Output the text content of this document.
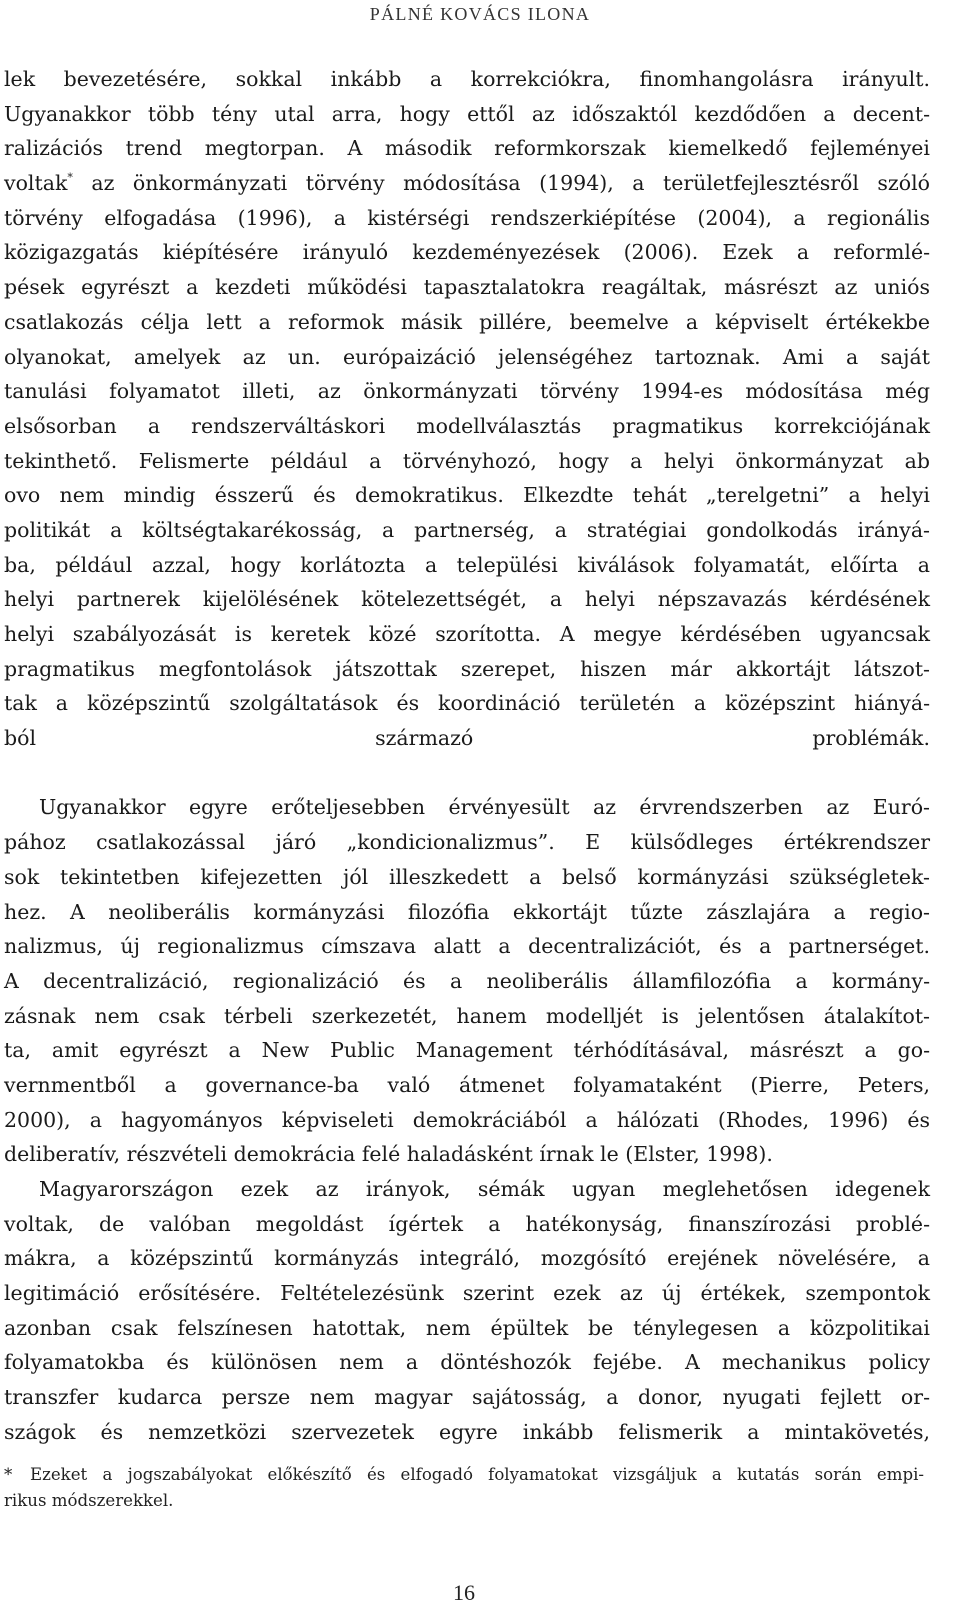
PÁLNÉ KOVÁCS ILONA
lek bevezetésére, sokkal inkább a korrekciókra, finomhangolásra irányult.
Ugyanakkor több tény utal arra, hogy ettől az időszaktól kezdődően a decent-
ralizációs trend megtorpan. A második reformkorszak kiemelkedő fejleményei
voltak* az önkormányzati törvény módosítása (1994), a területfejlesztésről szóló
törvény elfogadása (1996), a kistérségi rendszerkiépítése (2004), a regionális
közigazgatás kiépítésére irányuló kezdeményezések (2006). Ezek a reformlé-
pések egyrészt a kezdeti működési tapasztalatokra reagáltak, másrészt az uniós
csatlakozás célja lett a reformok másik pillére, beemelve a képviselt értékekbe
olyanokat, amelyek az un. európaizáció jelenségéhez tartoznak. Ami a saját
tanulási folyamatot illeti, az önkormányzati törvény 1994-es módosítása még
elsősorban a rendszerváltáskori modellválasztás pragmatikus korrekciójának
tekinthető. Felismerte például a törvényhozó, hogy a helyi önkormányzat ab
ovo nem mindig ésszerű és demokratikus. Elkezdte tehát „terelgetni” a helyi
politikát a költségtakarékosság, a partnerség, a stratégiai gondolkodás irányá-
ba, például azzal, hogy korlátozta a települési kiválások folyamatát, előírta a
helyi partnerek kijelölésének kötelezettségét, a helyi népszavazás kérdésének
helyi szabályozását is keretek közé szorította. A megye kérdésében ugyancsak
pragmatikus megfontolások játszottak szerepet, hiszen már akkortájt látszot-
tak a középszintű szolgáltatások és koordináció területén a középszint hiányá-
ból származó problémák.
Ugyanakkor egyre erőteljesebben érvényesült az érvrendszerben az Euró-
pához csatlakozással járó „kondicionalizmus”. E külsődleges értékrendszer
sok tekintetben kifejezetten jól illeszkedett a belső kormányzási szükségletek-
hez. A neoliberális kormányzási filozófia ekkortájt tűzte zászlajára a regio-
nalizmus, új regionalizmus címszava alatt a decentralizációt, és a partnerséget.
A decentralizáció, regionalizáció és a neoliberális államfilozófia a kormány-
zásnak nem csak térbeli szerkezetét, hanem modelljét is jelentősen átalakítot-
ta, amit egyrészt a New Public Management térhódításával, másrészt a go-
vernmentből a governance-ba való átmenet folyamataként (Pierre, Peters,
2000), a hagyományos képviseleti demokráciából a hálózati (Rhodes, 1996) és
deliberatív, részvételi demokrácia felé haladásként írnak le (Elster, 1998).
Magyarországon ezek az irányok, sémák ugyan meglehetősen idegenek
voltak, de valóban megoldást ígértek a hatékonyság, finanszírozási problé-
mákra, a középszintű kormányzás integráló, mozgósító erejének növelésére, a
legitimáció erősítésére. Feltételezésünk szerint ezek az új értékek, szempontok
azonban csak felszínesen hatottak, nem épültek be ténylegesen a közpolitikai
folyamatokba és különösen nem a döntéshozók fejébe. A mechanikus policy
transzfer kudarca persze nem magyar sajátosság, a donor, nyugati fejlett or-
szágok és nemzetközi szervezetek egyre inkább felismerik a mintakövetés,
* Ezeket a jogszabályokat előkészítő és elfogadó folyamatokat vizsgáljuk a kutatás során empi-
rikus módszerekkel.
16
